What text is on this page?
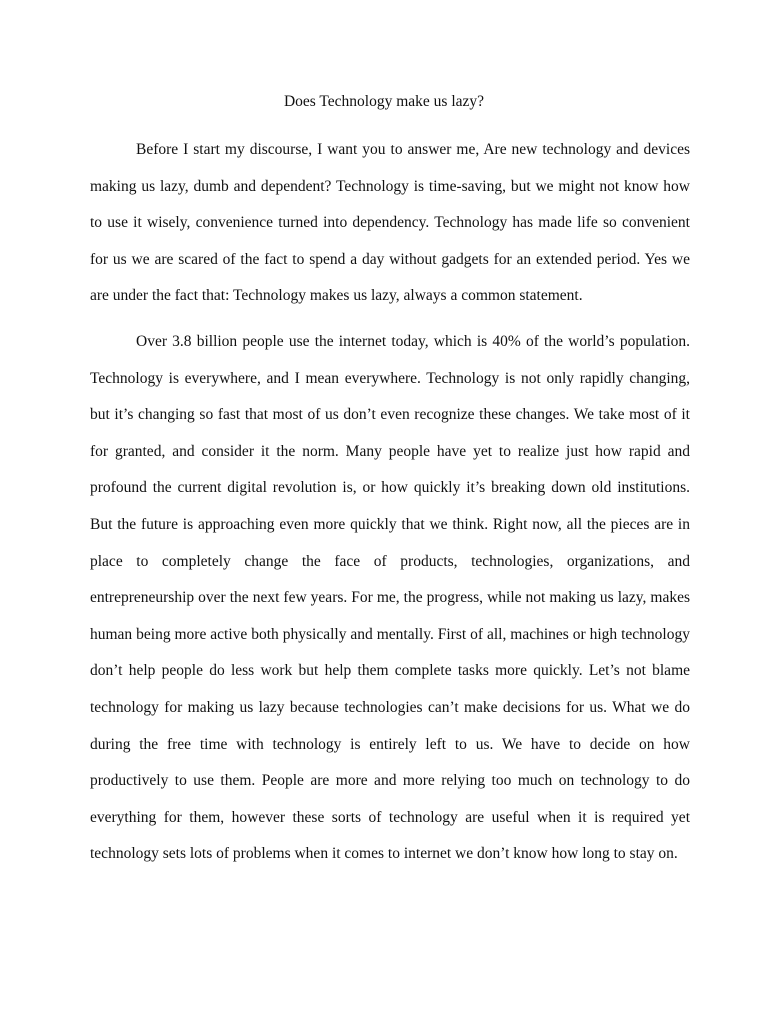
Does Technology make us lazy?

Before I start my discourse, I want you to answer me, Are new technology and devices making us lazy, dumb and dependent? Technology is time-saving, but we might not know how to use it wisely, convenience turned into dependency. Technology has made life so convenient for us we are scared of the fact to spend a day without gadgets for an extended period. Yes we are under the fact that: Technology makes us lazy, always a common statement.

Over 3.8 billion people use the internet today, which is 40% of the world’s population. Technology is everywhere, and I mean everywhere. Technology is not only rapidly changing, but it’s changing so fast that most of us don’t even recognize these changes. We take most of it for granted, and consider it the norm. Many people have yet to realize just how rapid and profound the current digital revolution is, or how quickly it’s breaking down old institutions. But the future is approaching even more quickly that we think. Right now, all the pieces are in place to completely change the face of products, technologies, organizations, and entrepreneurship over the next few years. For me, the progress, while not making us lazy, makes human being more active both physically and mentally. First of all, machines or high technology don’t help people do less work but help them complete tasks more quickly. Let’s not blame technology for making us lazy because technologies can’t make decisions for us. What we do during the free time with technology is entirely left to us. We have to decide on how productively to use them. People are more and more relying too much on technology to do everything for them, however these sorts of technology are useful when it is required yet technology sets lots of problems when it comes to internet we don’t know how long to stay on.
